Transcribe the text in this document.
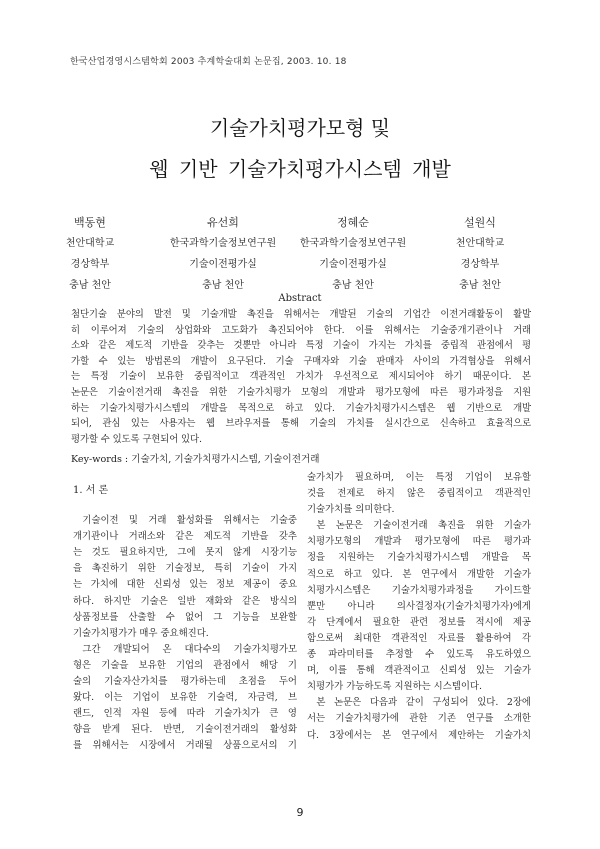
한국산업경영시스템학회 2003 추계학술대회 논문집, 2003. 10. 18
기술가치평가모형 및
웹 기반 기술가치평가시스템 개발
백동현
천안대학교
경상학부
충남 천안
유선희
한국과학기술정보연구원
기술이전평가실
충남 천안
정혜순
한국과학기술정보연구원
기술이전평가실
충남 천안
설원식
천안대학교
경상학부
충남 천안
Abstract
첨단기술 분야의 발전 및 기술개발 촉진을 위해서는 개발된 기술의 기업간 이전거래활동이 활발
히 이루어져 기술의 상업화와 고도화가 촉진되어야 한다. 이를 위해서는 기술중개기관이나 거래
소와 같은 제도적 기반을 갖추는 것뿐만 아니라 특정 기술이 가지는 가치를 중립적 관점에서 평
가할 수 있는 방법론의 개발이 요구된다. 기술 구매자와 기술 판매자 사이의 가격협상을 위해서
는 특정 기술이 보유한 중립적이고 객관적인 가치가 우선적으로 제시되어야 하기 때문이다. 본
논문은 기술이전거래 촉진을 위한 기술가치평가 모형의 개발과 평가모형에 따른 평가과정을 지원
하는 기술가치평가시스템의 개발을 목적으로 하고 있다. 기술가치평가시스템은 웹 기반으로 개발
되어, 관심 있는 사용자는 웹 브라우저를 통해 기술의 가치를 실시간으로 신속하고 효율적으로
평가할 수 있도록 구현되어 있다.
Key-words : 기술가치, 기술가치평가시스템, 기술이전거래
1. 서 론
기술이전 및 거래 활성화를 위해서는 기술중
개기관이나 거래소와 같은 제도적 기반을 갖추
는 것도 필요하지만, 그에 못지 않게 시장기능
을 촉진하기 위한 기술정보, 특히 기술이 가지
는 가치에 대한 신뢰성 있는 정보 제공이 중요
하다. 하지만 기술은 일반 재화와 같은 방식의
상품정보를 산출할 수 없어 그 기능을 보완할
기술가치평가가 매우 중요해진다.
그간 개발되어 온 대다수의 기술가치평가모
형은 기술을 보유한 기업의 관점에서 해당 기
술의 기술자산가치를 평가하는데 초점을 두어
왔다. 이는 기업이 보유한 기술력, 자금력, 브
랜드, 인적 자원 등에 따라 기술가치가 큰 영
향을 받게 된다. 반면, 기술이전거래의 활성화
를 위해서는 시장에서 거래될 상품으로서의 기
술가치가 필요하며, 이는 특정 기업이 보유할
것을 전제로 하지 않은 중립적이고 객관적인
기술가치를 의미한다.
본 논문은 기술이전거래 촉진을 위한 기술가
치평가모형의 개발과 평가모형에 따른 평가과
정을 지원하는 기술가치평가시스템 개발을 목
적으로 하고 있다. 본 연구에서 개발한 기술가
치평가시스템은 기술가치평가과정을 가이드할
뿐만 아니라 의사결정자(기술가치평가자)에게
각 단계에서 필요한 관련 정보를 적시에 제공
함으로써 최대한 객관적인 자료를 활용하여 각
종 파라미터를 추정할 수 있도록 유도하였으
며, 이를 통해 객관적이고 신뢰성 있는 기술가
치평가가 가능하도록 지원하는 시스템이다.
본 논문은 다음과 같이 구성되어 있다. 2장에
서는 기술가치평가에 관한 기존 연구를 소개한
다. 3장에서는 본 연구에서 제안하는 기술가치
9
